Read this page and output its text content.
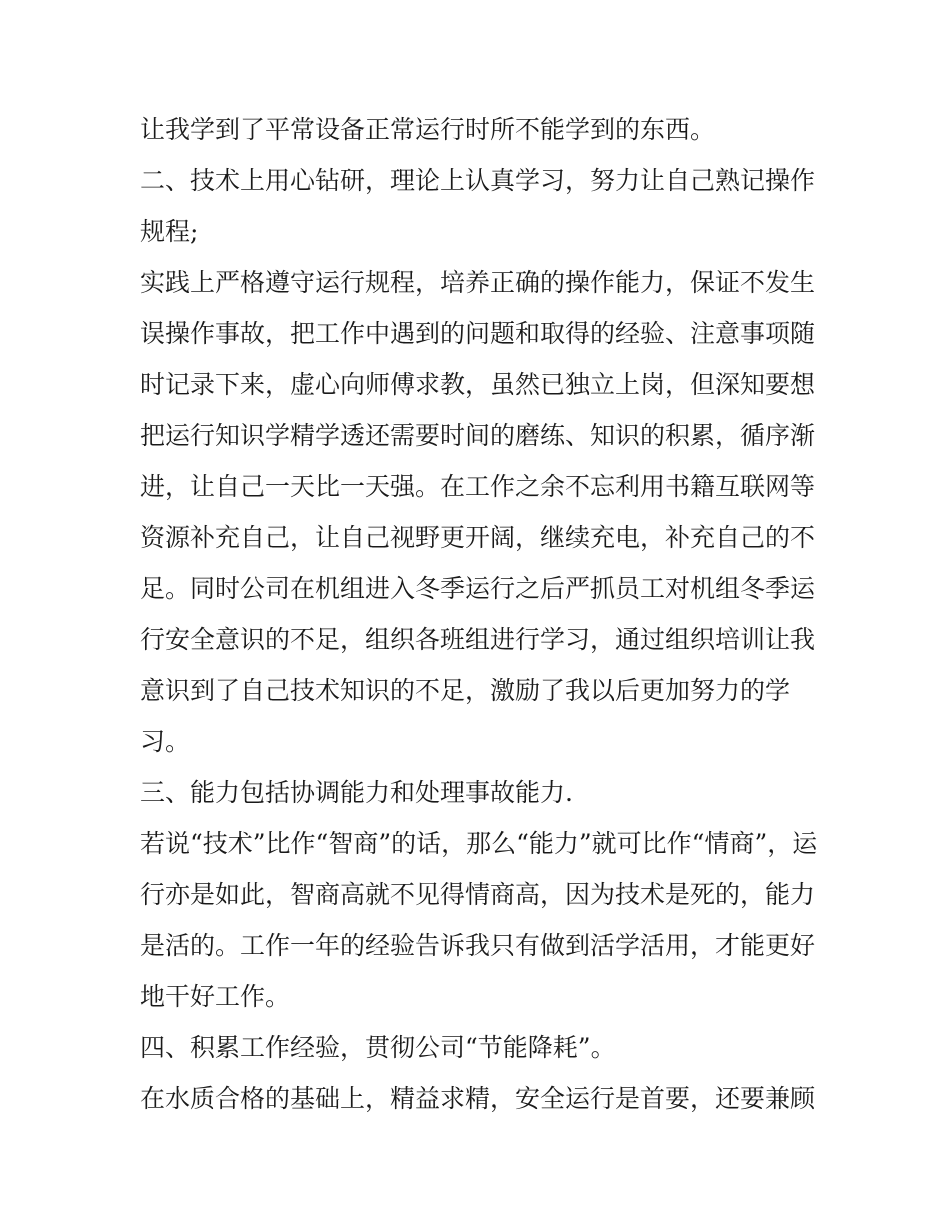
让我学到了平常设备正常运行时所不能学到的东西。
二、技术上用心钻研，理论上认真学习，努力让自己熟记操作
规程;
实践上严格遵守运行规程，培养正确的操作能力，保证不发生
误操作事故，把工作中遇到的问题和取得的经验、注意事项随
时记录下来，虚心向师傅求教，虽然已独立上岗，但深知要想
把运行知识学精学透还需要时间的磨练、知识的积累，循序渐
进，让自己一天比一天强。在工作之余不忘利用书籍互联网等
资源补充自己，让自己视野更开阔，继续充电，补充自己的不
足。同时公司在机组进入冬季运行之后严抓员工对机组冬季运
行安全意识的不足，组织各班组进行学习，通过组织培训让我
意识到了自己技术知识的不足，激励了我以后更加努力的学
习。
三、能力包括协调能力和处理事故能力.
若说“技术”比作“智商”的话，那么“能力”就可比作“情商”，运
行亦是如此，智商高就不见得情商高，因为技术是死的，能力
是活的。工作一年的经验告诉我只有做到活学活用，才能更好
地干好工作。
四、积累工作经验，贯彻公司“节能降耗”。
在水质合格的基础上，精益求精，安全运行是首要，还要兼顾
